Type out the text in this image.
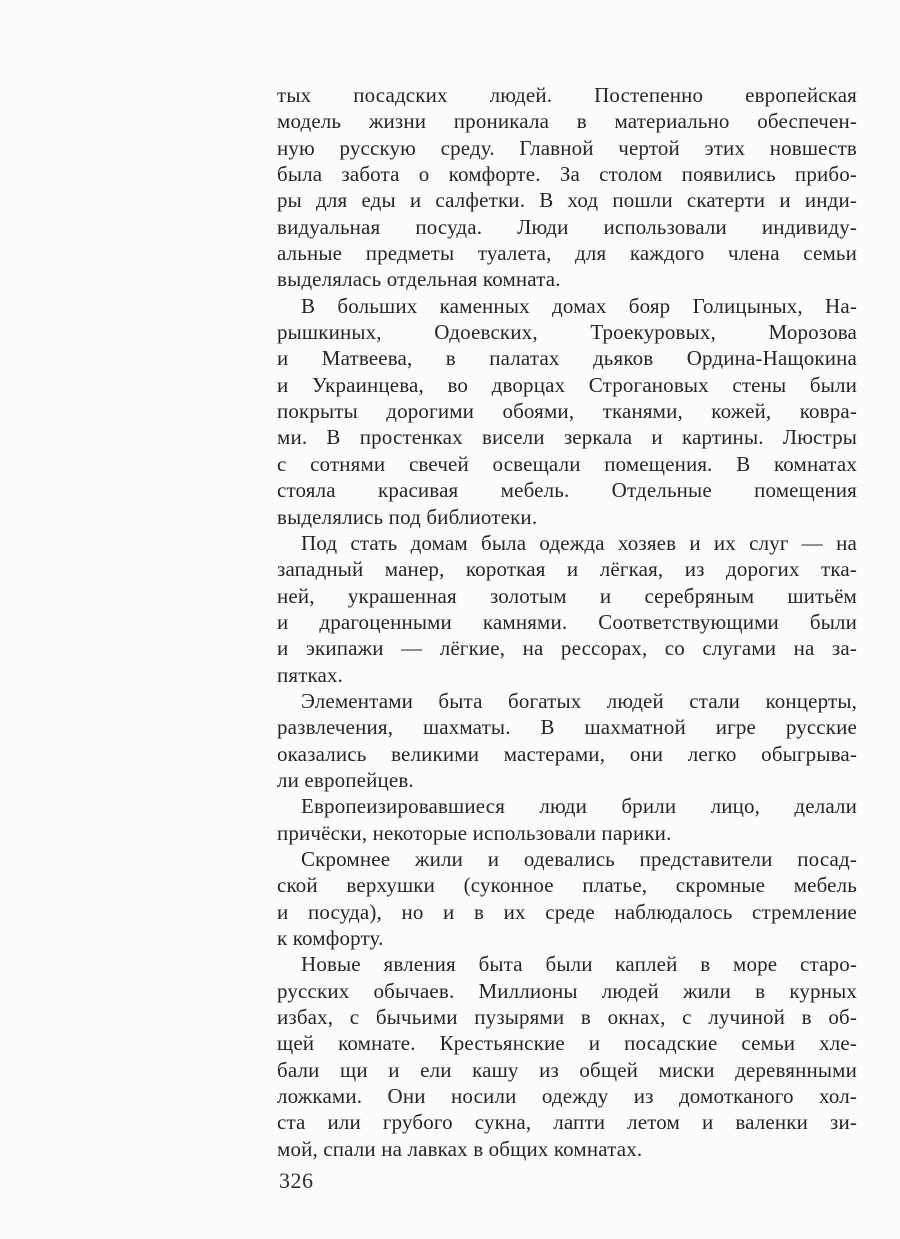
тых посадских людей. Постепенно европейская
модель жизни проникала в материально обеспечен-
ную русскую среду. Главной чертой этих новшеств
была забота о комфорте. За столом появились прибо-
ры для еды и салфетки. В ход пошли скатерти и инди-
видуальная посуда. Люди использовали индивиду-
альные предметы туалета, для каждого члена семьи
выделялась отдельная комната.
В больших каменных домах бояр Голицыных, На-
рышкиных, Одоевских, Троекуровых, Морозова
и Матвеева, в палатах дьяков Ордина-Нащокина
и Украинцева, во дворцах Строгановых стены были
покрыты дорогими обоями, тканями, кожей, ковра-
ми. В простенках висели зеркала и картины. Люстры
с сотнями свечей освещали помещения. В комнатах
стояла красивая мебель. Отдельные помещения
выделялись под библиотеки.
Под стать домам была одежда хозяев и их слуг — на
западный манер, короткая и лёгкая, из дорогих тка-
ней, украшенная золотым и серебряным шитьём
и драгоценными камнями. Соответствующими были
и экипажи — лёгкие, на рессорах, со слугами на за-
пятках.
Элементами быта богатых людей стали концерты,
развлечения, шахматы. В шахматной игре русские
оказались великими мастерами, они легко обыгрыва-
ли европейцев.
Европеизировавшиеся люди брили лицо, делали
причёски, некоторые использовали парики.
Скромнее жили и одевались представители посад-
ской верхушки (суконное платье, скромные мебель
и посуда), но и в их среде наблюдалось стремление
к комфорту.
Новые явления быта были каплей в море старо-
русских обычаев. Миллионы людей жили в курных
избах, с бычьими пузырями в окнах, с лучиной в об-
щей комнате. Крестьянские и посадские семьи хле-
бали щи и ели кашу из общей миски деревянными
ложками. Они носили одежду из домотканого хол-
ста или грубого сукна, лапти летом и валенки зи-
мой, спали на лавках в общих комнатах.
326
